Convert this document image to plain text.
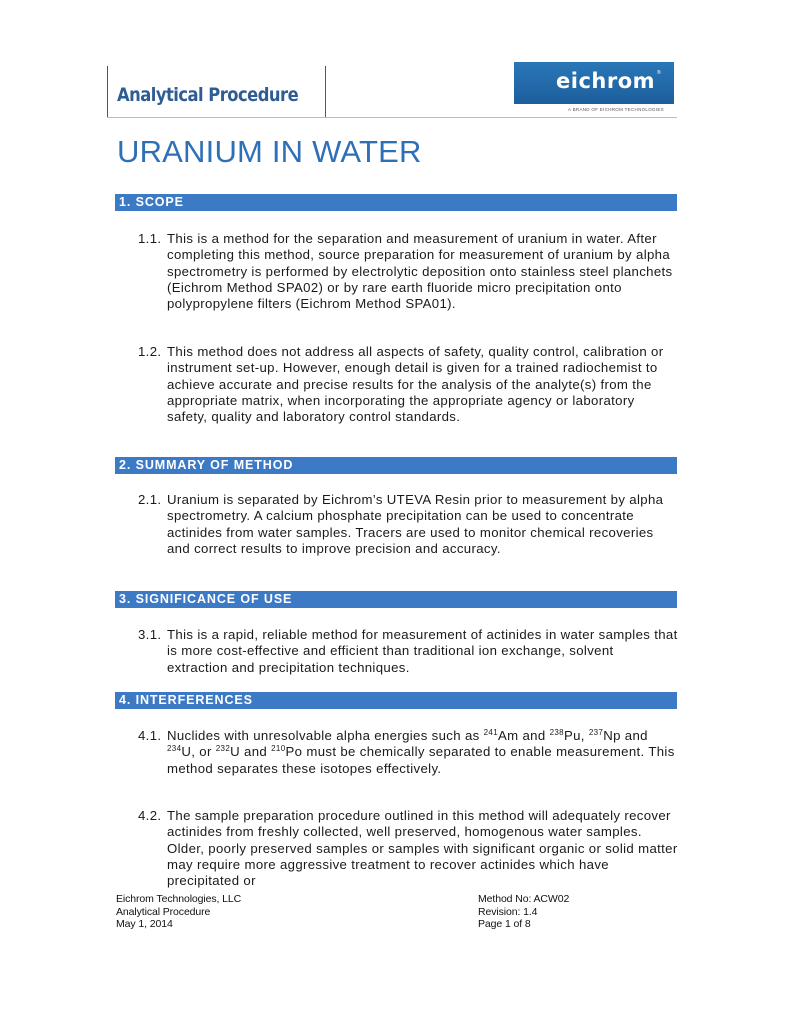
Analytical Procedure
eichrom ®
A BRAND OF EICHROM TECHNOLOGIES
URANIUM IN WATER
1. SCOPE
1.1. This is a method for the separation and measurement of uranium in water. After completing this method, source preparation for measurement of uranium by alpha spectrometry is performed by electrolytic deposition onto stainless steel planchets (Eichrom Method SPA02) or by rare earth fluoride micro precipitation onto polypropylene filters (Eichrom Method SPA01).
1.2. This method does not address all aspects of safety, quality control, calibration or instrument set-up. However, enough detail is given for a trained radiochemist to achieve accurate and precise results for the analysis of the analyte(s) from the appropriate matrix, when incorporating the appropriate agency or laboratory safety, quality and laboratory control standards.
2. SUMMARY OF METHOD
2.1. Uranium is separated by Eichrom’s UTEVA Resin prior to measurement by alpha spectrometry. A calcium phosphate precipitation can be used to concentrate actinides from water samples. Tracers are used to monitor chemical recoveries and correct results to improve precision and accuracy.
3. SIGNIFICANCE OF USE
3.1. This is a rapid, reliable method for measurement of actinides in water samples that is more cost-effective and efficient than traditional ion exchange, solvent extraction and precipitation techniques.
4. INTERFERENCES
4.1. Nuclides with unresolvable alpha energies such as $^{241}$Am and $^{238}$Pu, $^{237}$Np and $^{234}$U, or $^{232}$U and $^{210}$Po must be chemically separated to enable measurement. This method separates these isotopes effectively.
4.2. The sample preparation procedure outlined in this method will adequately recover actinides from freshly collected, well preserved, homogenous water samples. Older, poorly preserved samples or samples with significant organic or solid matter may require more aggressive treatment to recover actinides which have precipitated or
Eichrom Technologies, LLC
Analytical Procedure
May 1, 2014
Method No: ACW02
Revision: 1.4
Page 1 of 8
